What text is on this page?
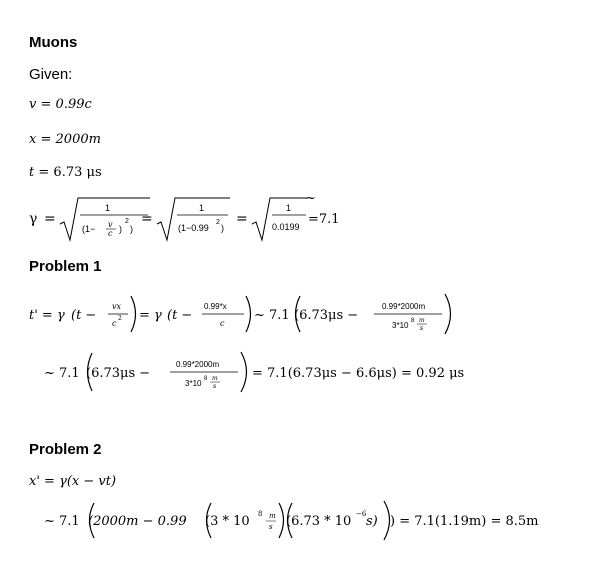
Muons
Given:
v = 0.99c
x = 2000m
t = 6.73 μs
γ =
1
(1− v
c )
2
)
=
1
(1−0.99
2
)
=
1
0.0199
~
=7.1
Problem 1
t' = γ (t −
vx
c
2 = γ (t −
0.99*x
c
~ 7.1 (6.73μs −
0.99*2000m
3*10 8 m
s
~ 7.1 (6.73μs −
0.99*2000m
3*10 8 m
s
= 7.1(6.73μs − 6.6μs) = 0.92 μs
Problem 2
x' = γ(x − vt)
~ 7.1 (2000m − 0.99 (3 * 10 8 m
s (6.73 * 10 −6 s) ) = 7.1(1.19m) = 8.5m
